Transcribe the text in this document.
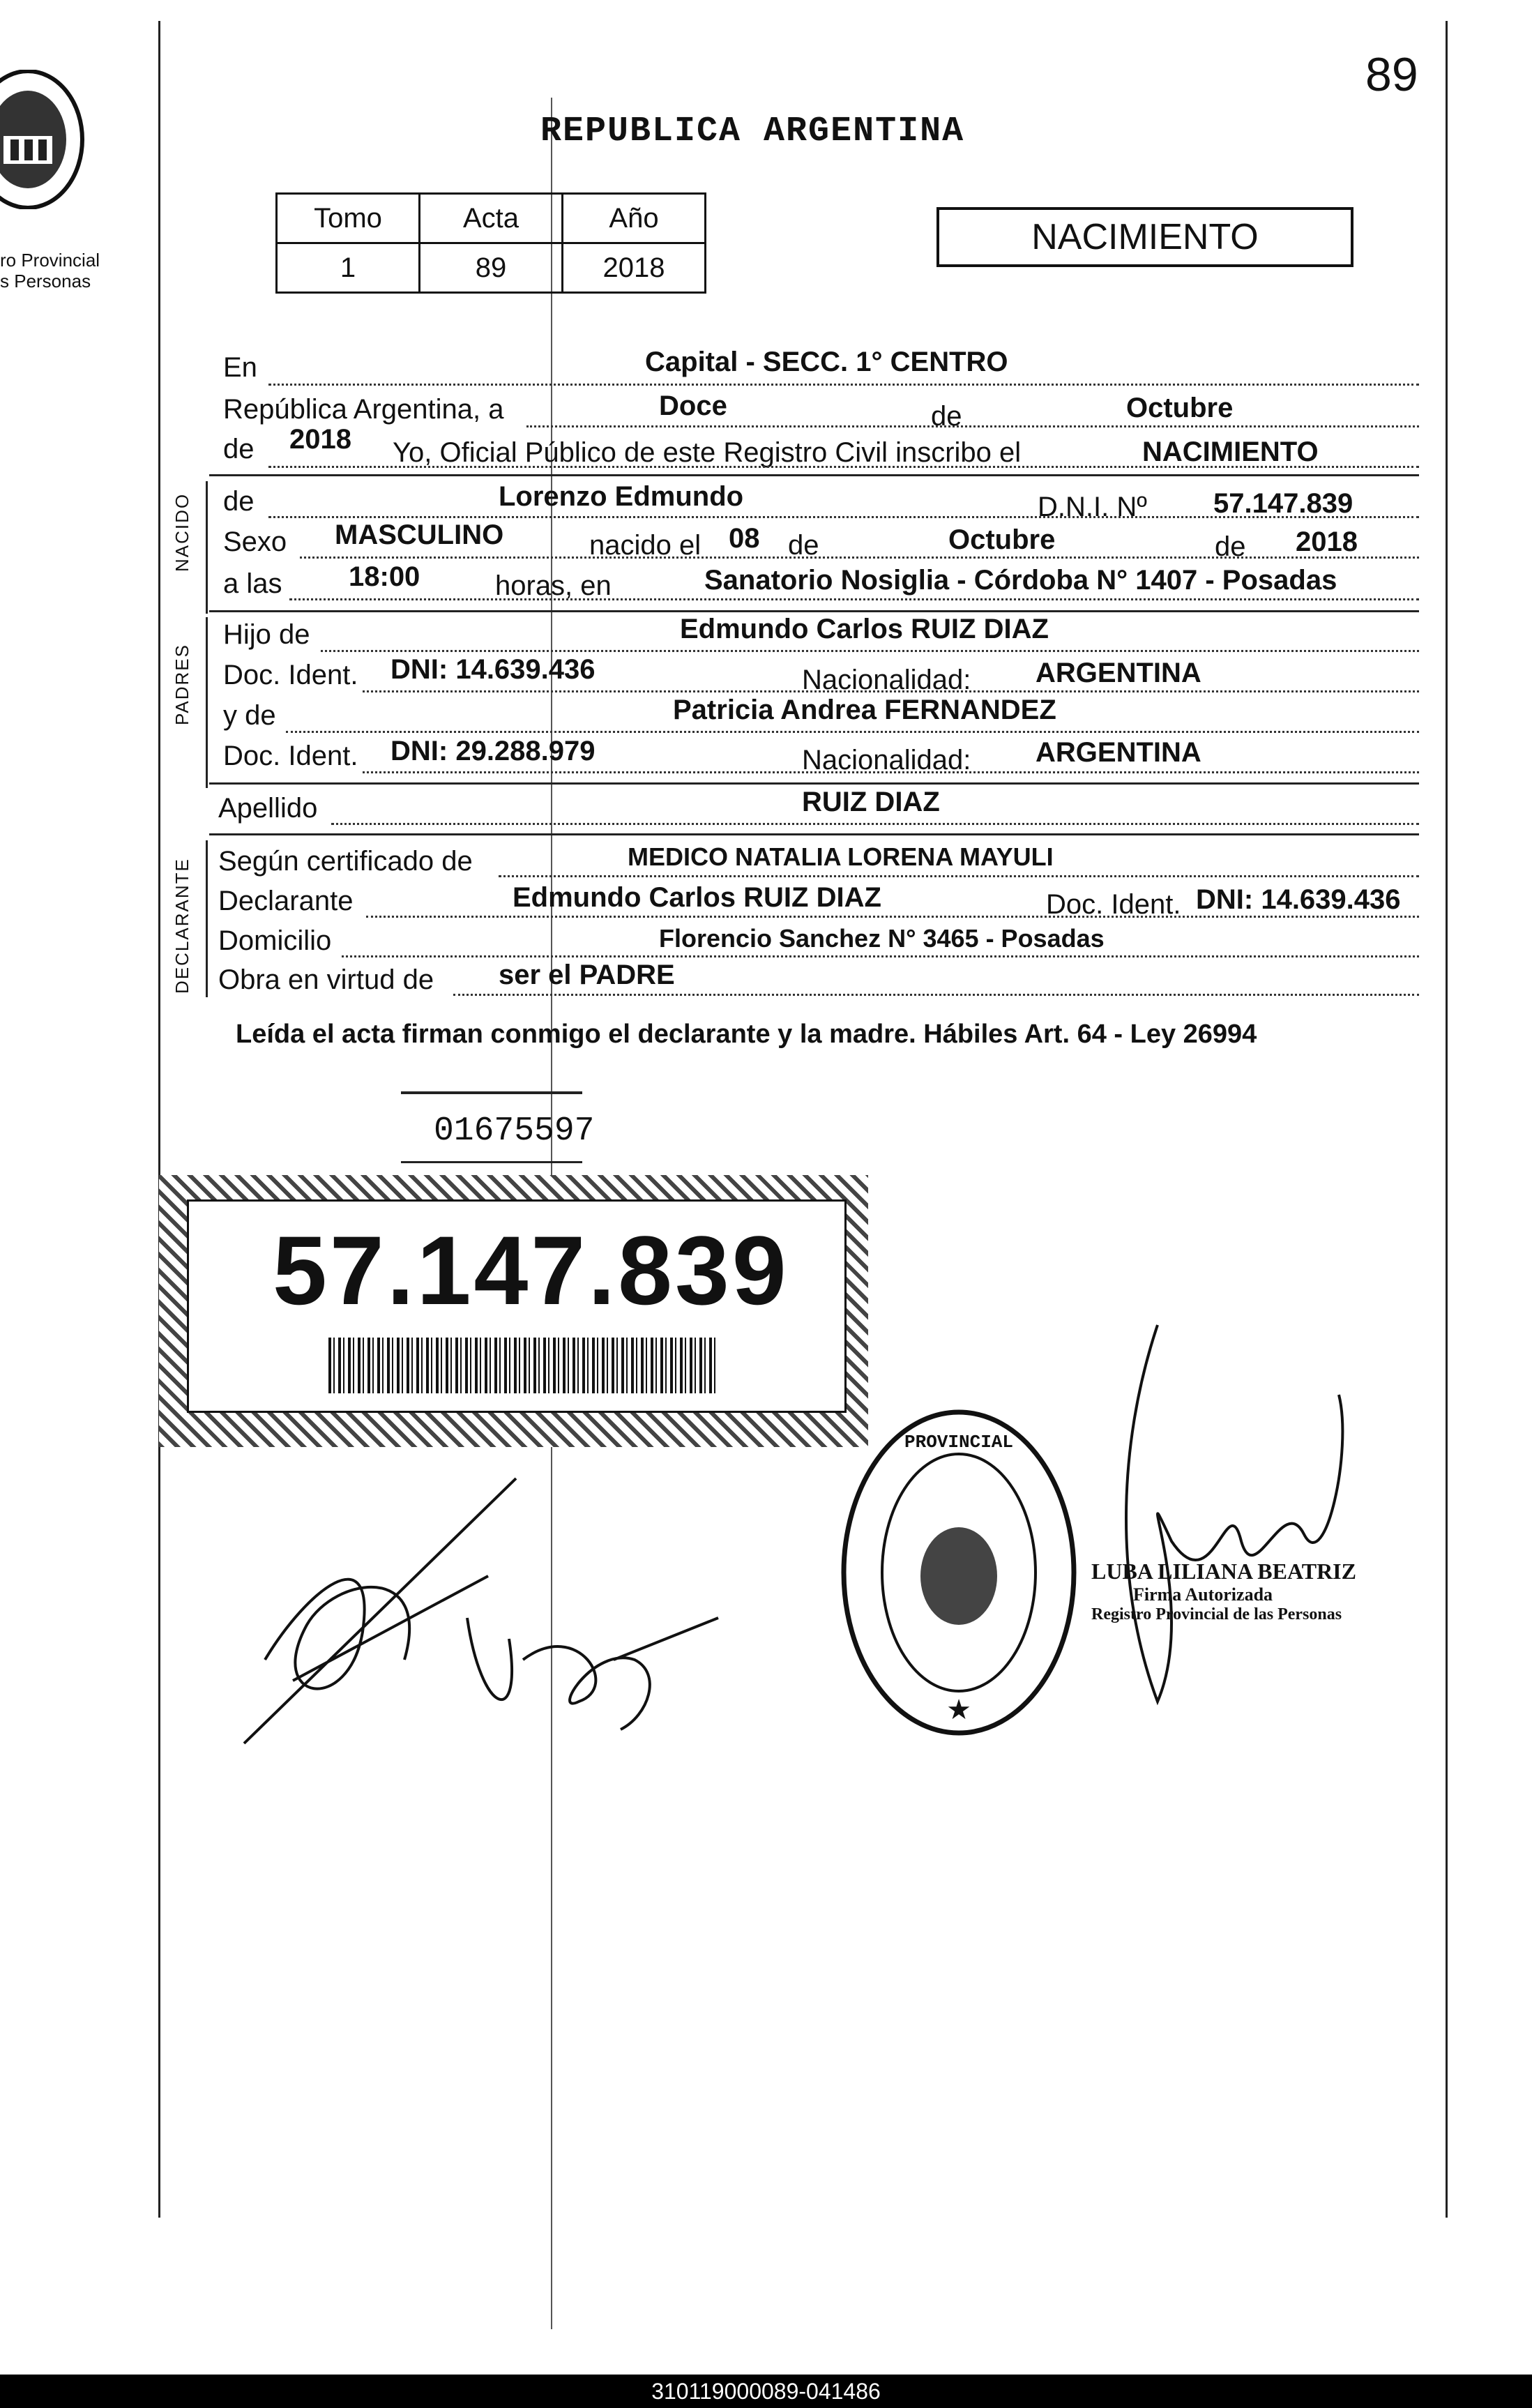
ro Provincial
s Personas
89
REPUBLICA ARGENTINA
Tomo	Acta	Año
1	89	2018
NACIMIENTO
En	Capital - SECC. 1° CENTRO
República Argentina, a	Doce	de	Octubre
de 2018 Yo, Oficial Público de este Registro Civil inscribo el	NACIMIENTO
NACIDO de	Lorenzo Edmundo	D.N.I. Nº 57.147.839
Sexo MASCULINO	nacido el 08 de	Octubre	de 2018
a las 18:00	horas, en	Sanatorio Nosiglia - Córdoba N° 1407 - Posadas
PADRES
Hijo de	Edmundo Carlos RUIZ DIAZ
Doc. Ident. DNI: 14.639.436	Nacionalidad: ARGENTINA
y de	Patricia Andrea FERNANDEZ
Doc. Ident. DNI: 29.288.979	Nacionalidad: ARGENTINA
Apellido	RUIZ DIAZ
DECLARANTE Según certificado de	MEDICO NATALIA LORENA MAYULI
Declarante	Edmundo Carlos RUIZ DIAZ	Doc. Ident. DNI: 14.639.436
Domicilio	Florencio Sanchez N° 3465 - Posadas
Obra en virtud de ser el PADRE
Leída el acta firman conmigo el declarante y la madre. Hábiles Art. 64 - Ley 26994
01675597
57.147.839
PROVINCIAL
★
LUBA LILIANA BEATRIZ
Firma Autorizada
Registro Provincial de las Personas
310119000089-041486
